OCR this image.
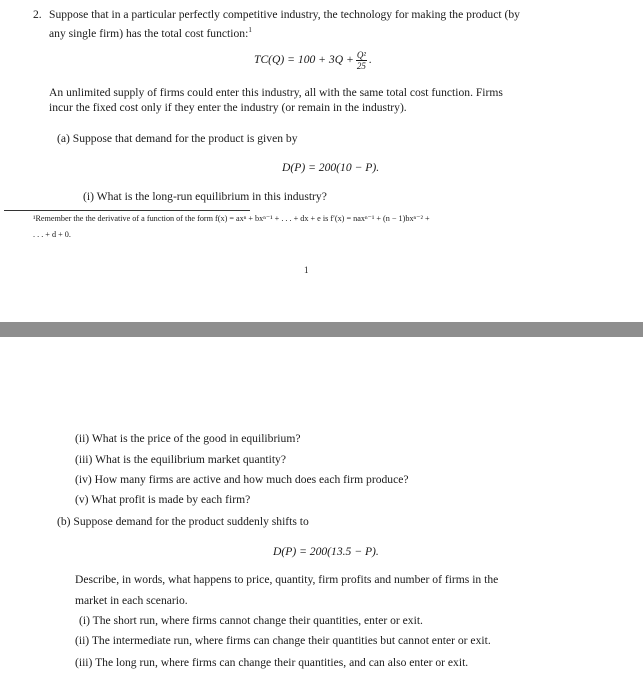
2. Suppose that in a particular perfectly competitive industry, the technology for making the product (by
any single firm) has the total cost function:$^1$
$TC(Q) = 100 + 3Q + \frac{\text{Q²}}{25}$ .
An unlimited supply of firms could enter this industry, all with the same total cost function. Firms
incur the fixed cost only if they enter the industry (or remain in the industry).
(a) Suppose that demand for the product is given by
D(P) = 200(10 − P).
(i) What is the long-run equilibrium in this industry?
¹Remember the the derivative of a function of the form f(x) = axⁿ + bxⁿ⁻¹ + . . . + dx + e is f′(x) = naxⁿ⁻¹ + (n − 1)bxⁿ⁻² +
. . . + d + 0.
1
(ii) What is the price of the good in equilibrium?
(iii) What is the equilibrium market quantity?
(iv) How many firms are active and how much does each firm produce?
(v) What profit is made by each firm?
(b) Suppose demand for the product suddenly shifts to
D(P) = 200(13.5 − P).
Describe, in words, what happens to price, quantity, firm profits and number of firms in the
market in each scenario.
(i) The short run, where firms cannot change their quantities, enter or exit.
(ii) The intermediate run, where firms can change their quantities but cannot enter or exit.
(iii) The long run, where firms can change their quantities, and can also enter or exit.
